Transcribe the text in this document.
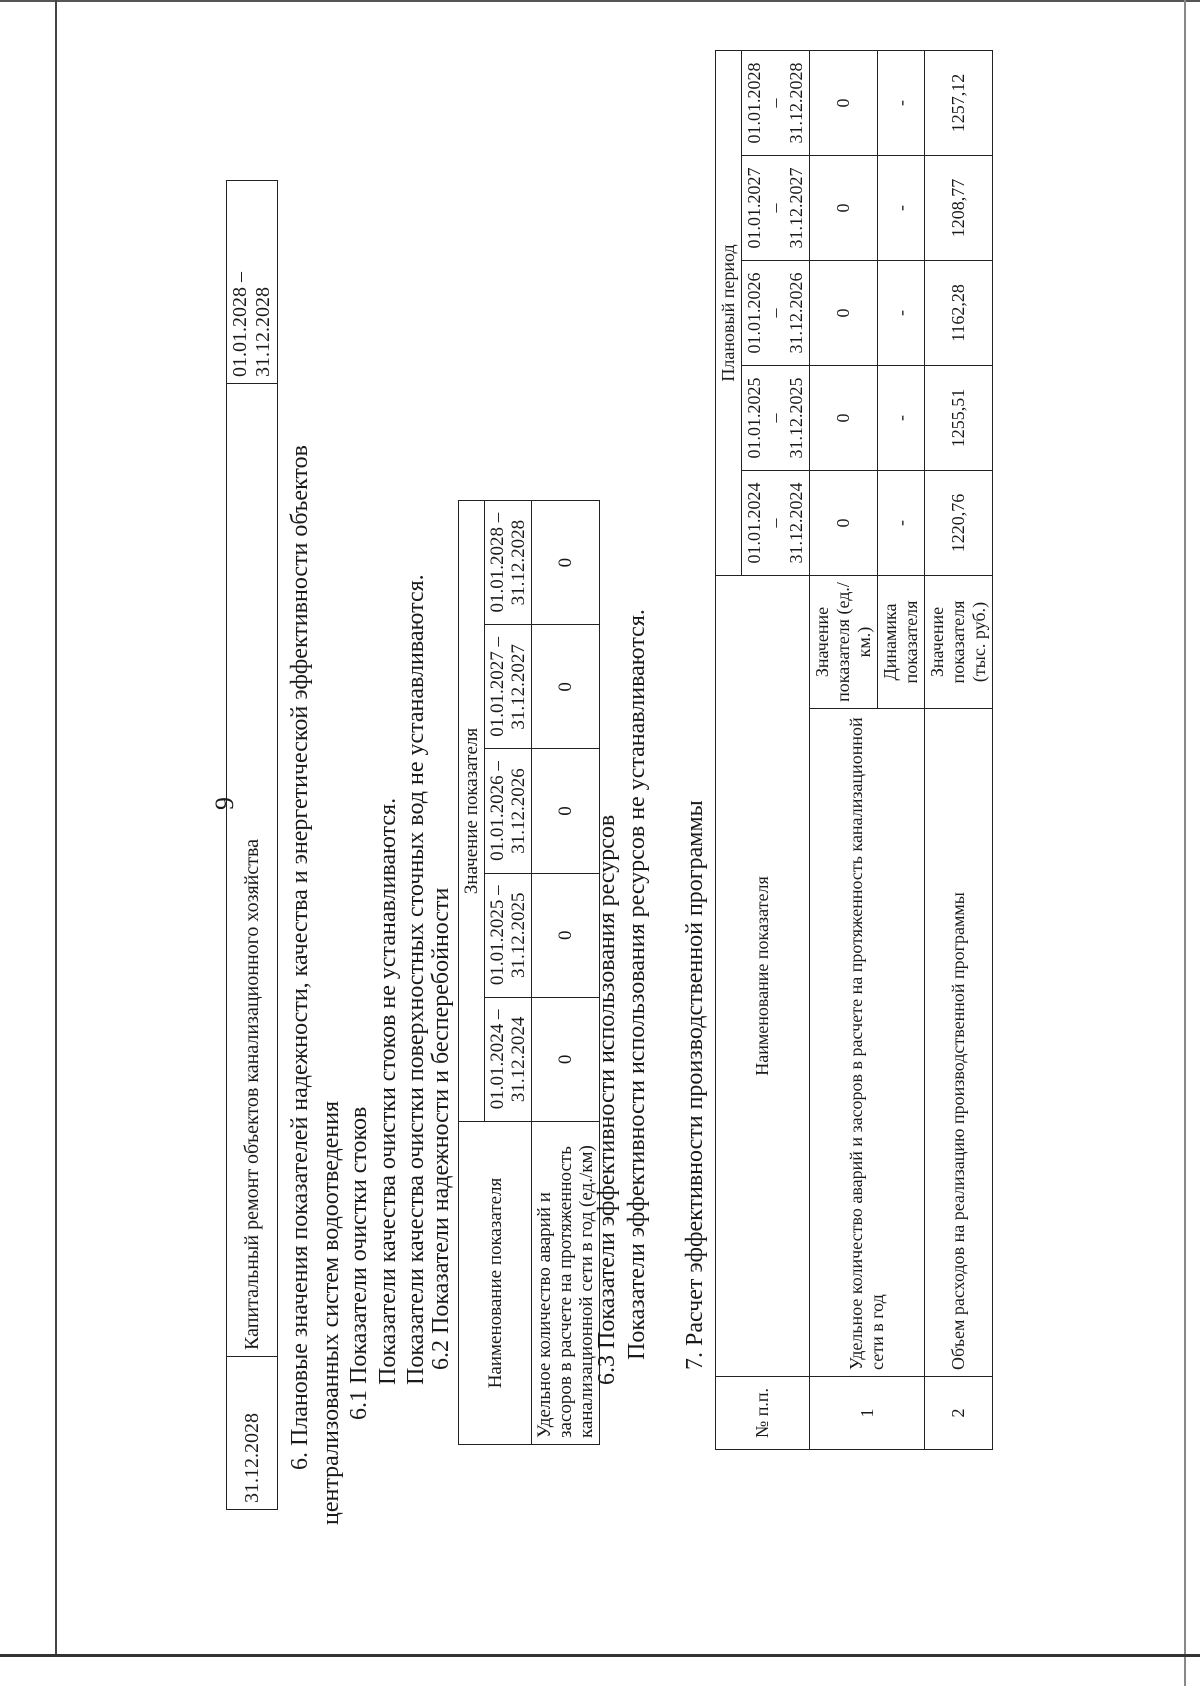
9
31.12.2028	Капитальный ремонт объектов канализационного хозяйства	01.01.2028 – 31.12.2028
6. Плановые значения показателей надежности, качества и энергетической эффективности объектов централизованных систем водоотведения 6.1 Показатели очистки стоков Показатели качества очистки стоков не устанавливаются. Показатели качества очистки поверхностных сточных вод не устанавливаются. 6.2 Показатели надежности и бесперебойности Наименование показателя	Значение показателя				
	01.01.2024 – 31.12.2024	01.01.2025 – 31.12.2025	01.01.2026 – 31.12.2026	01.01.2027 – 31.12.2027	01.01.2028 – 31.12.2028
Удельное количество аварий и засоров в расчете на протяженность канализационной сети в год (ед./км)	0	0	0	0	0
6.3 Показатели эффективности использования ресурсов Показатели эффективности использования ресурсов не устанавливаются. 7. Расчет эффективности производственной программы
№ п.п.	Наименование показателя		Плановый период				
			01.01.2024 – 31.12.2024	01.01.2025 – 31.12.2025	01.01.2026 – 31.12.2026	01.01.2027 – 31.12.2027	01.01.2028 – 31.12.2028
1	Удельное количество аварий и засоров в расчете на протяженность канализационной сети в год	Значение показателя (ед./км.)	0	0	0	0	0
		Динамика показателя	-	-	-	-	-
2	Объем расходов на реализацию производственной программы	Значение показателя (тыс. руб.)	1220,76	1255,51	1162,28	1208,77	1257,12
